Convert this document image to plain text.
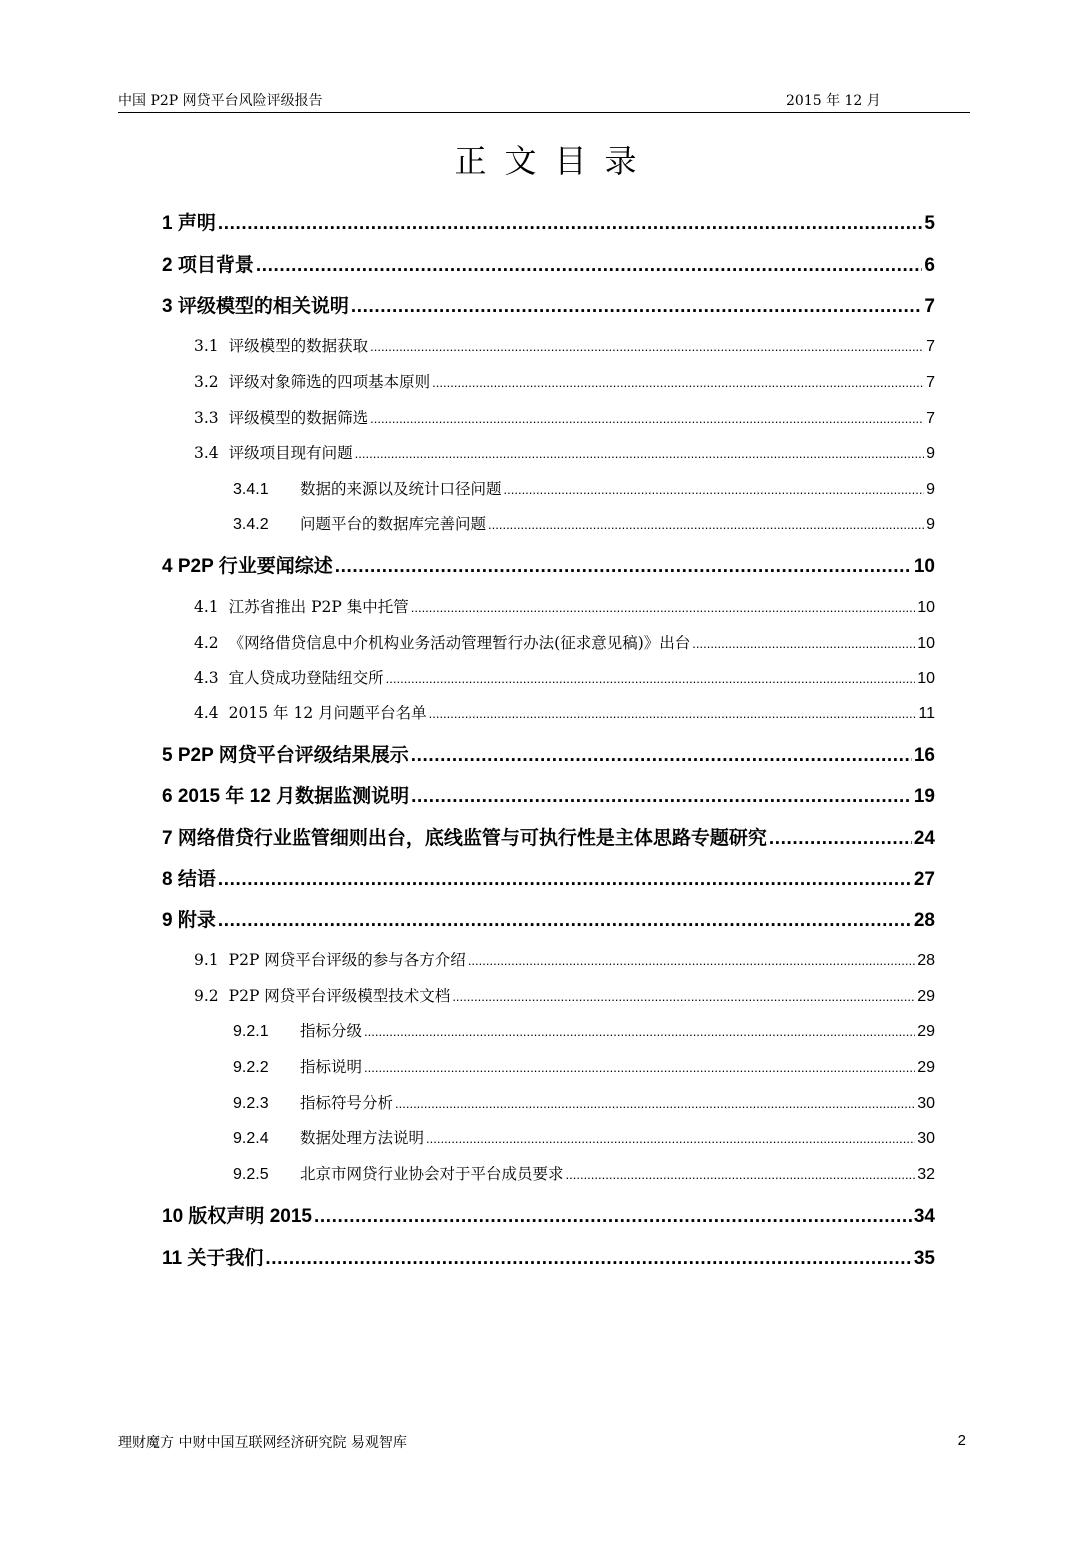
中国 P2P 网贷平台风险评级报告	2015 年 12 月
正文目录
1 声明 .....	5
2 项目背景 .....	6
3 评级模型的相关说明 .....	7
3.1 评级模型的数据获取 .....	7
3.2 评级对象筛选的四项基本原则 .....	7
3.3 评级模型的数据筛选 .....	7
3.4 评级项目现有问题 .....	9
3.4.1 数据的来源以及统计口径问题 .....	9
3.4.2 问题平台的数据库完善问题 .....	9
4 P2P 行业要闻综述 .....	10
4.1 江苏省推出 P2P 集中托管 .....	10
4.2 《网络借贷信息中介机构业务活动管理暂行办法(征求意见稿)》出台 .....	10
4.3 宜人贷成功登陆纽交所 .....	10
4.4 2015 年 12 月问题平台名单 .....	11
5 P2P 网贷平台评级结果展示 .....	16
6 2015 年 12 月数据监测说明 .....	19
7 网络借贷行业监管细则出台，底线监管与可执行性是主体思路专题研究 .....	24
8 结语 .....	27
9 附录 .....	28
9.1 P2P 网贷平台评级的参与各方介绍 .....	28
9.2 P2P 网贷平台评级模型技术文档 .....	29
9.2.1 指标分级 .....	29
9.2.2 指标说明 .....	29
9.2.3 指标符号分析 .....	30
9.2.4 数据处理方法说明 .....	30
9.2.5 北京市网贷行业协会对于平台成员要求 .....	32
10 版权声明 2015 .....	34
11 关于我们 .....	35
理财魔方 中财中国互联网经济研究院 易观智库	2
